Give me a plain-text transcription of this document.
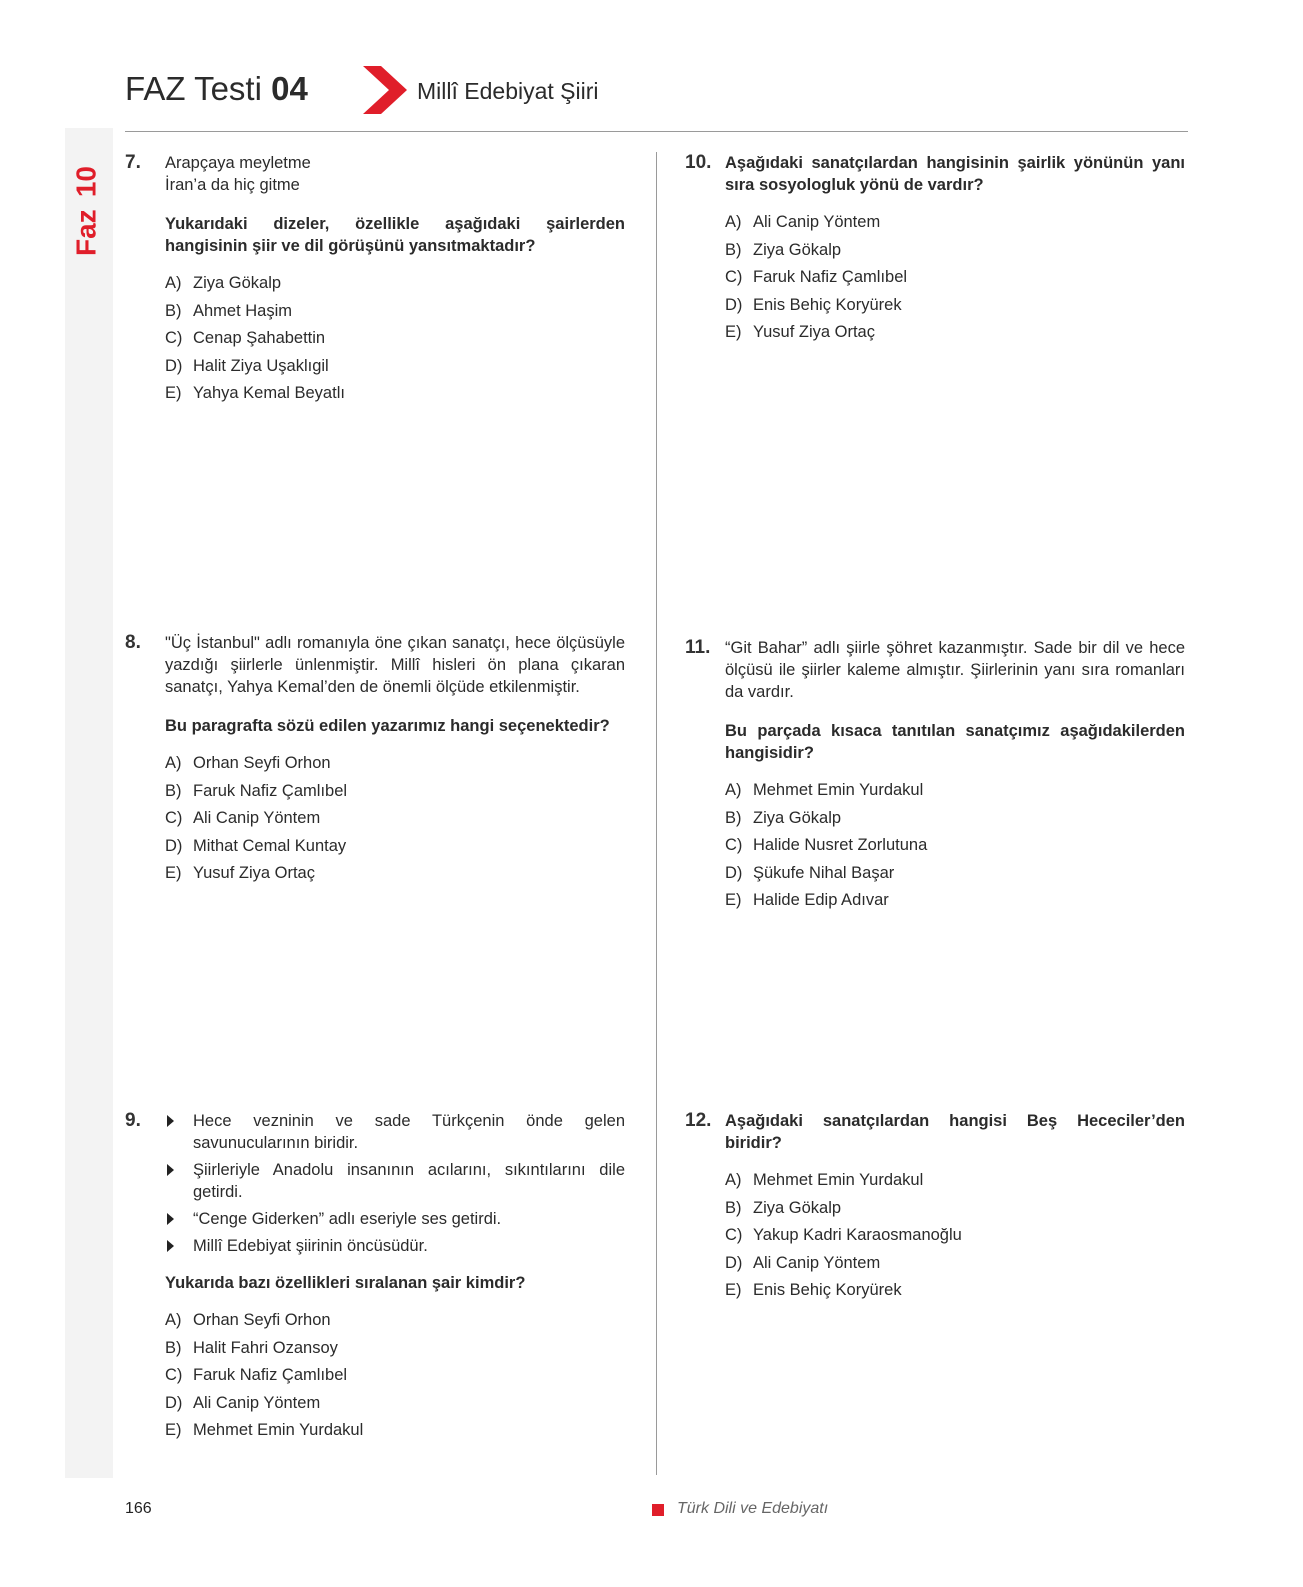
10
Faz
FAZ Testi 04	Millî Edebiyat Şiiri
7. Arapçaya meyletme

İran’a da hiç gitme

Yukarıdaki dizeler, özellikle aşağıdaki şairlerden hangisinin şiir ve dil görüşünü yansıtmaktadır?

A) Ziya Gökalp
B) Ahmet Haşim
C) Cenap Şahabettin
D) Halit Ziya Uşaklıgil
E) Yahya Kemal Beyatlı
8. "Üç İstanbul" adlı romanıyla öne çıkan sanatçı, hece ölçüsüyle yazdığı şiirlerle ünlenmiştir. Millî hisleri ön plana çıkaran sanatçı, Yahya Kemal’den de önemli ölçüde etkilenmiştir.

Bu paragrafta sözü edilen yazarımız hangi seçenektedir?

A) Orhan Seyfi Orhon
B) Faruk Nafiz Çamlıbel
C) Ali Canip Yöntem
D) Mithat Cemal Kuntay
E) Yusuf Ziya Ortaç
9.	Hece vezninin ve sade Türkçenin önde gelen savunucularının biridir.
Şiirleriyle Anadolu insanının acılarını, sıkıntılarını dile getirdi.
“Cenge Giderken” adlı eseriyle ses getirdi.
Millî Edebiyat şiirinin öncüsüdür.

Yukarıda bazı özellikleri sıralanan şair kimdir?

A) Orhan Seyfi Orhon
B) Halit Fahri Ozansoy
C) Faruk Nafiz Çamlıbel
D) Ali Canip Yöntem
E) Mehmet Emin Yurdakul
10. Aşağıdaki sanatçılardan hangisinin şairlik yönünün yanı sıra sosyologluk yönü de vardır?

A) Ali Canip Yöntem
B) Ziya Gökalp
C) Faruk Nafiz Çamlıbel
D) Enis Behiç Koryürek
E) Yusuf Ziya Ortaç
11. “Git Bahar” adlı şiirle şöhret kazanmıştır. Sade bir dil ve hece ölçüsü ile şiirler kaleme almıştır. Şiirlerinin yanı sıra romanları da vardır.

Bu parçada kısaca tanıtılan sanatçımız aşağıdakilerden hangisidir?

A) Mehmet Emin Yurdakul
B) Ziya Gökalp
C) Halide Nusret Zorlutuna
D) Şükufe Nihal Başar
E) Halide Edip Adıvar
12. Aşağıdaki sanatçılardan hangisi Beş Hececiler’den biridir?

A) Mehmet Emin Yurdakul
B) Ziya Gökalp
C) Yakup Kadri Karaosmanoğlu
D) Ali Canip Yöntem
E) Enis Behiç Koryürek
166	Türk Dili ve Edebiyatı
